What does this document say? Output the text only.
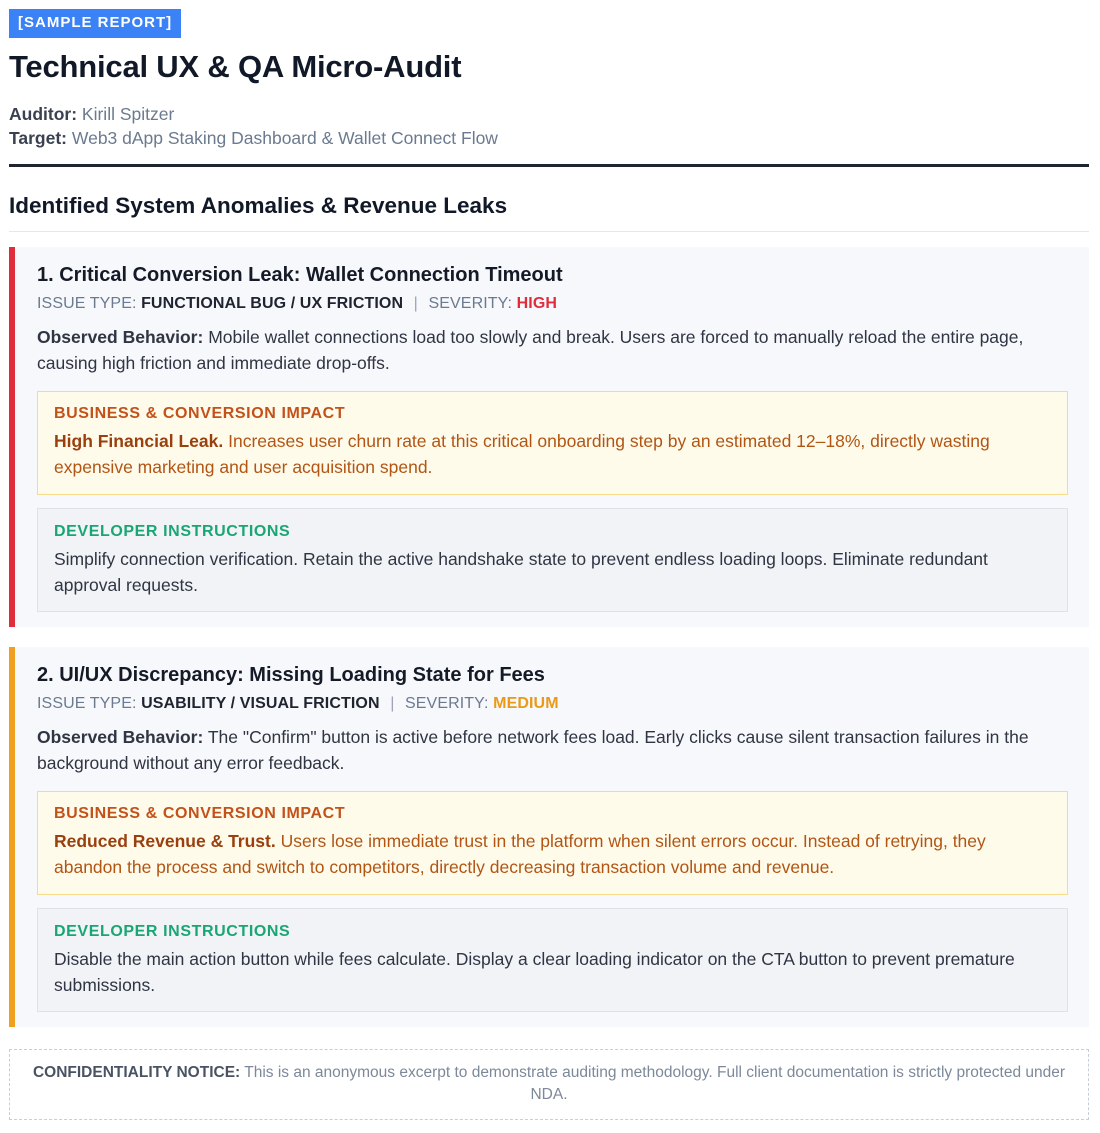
[SAMPLE REPORT]
Technical UX & QA Micro-Audit
Auditor: Kirill Spitzer
Target: Web3 dApp Staking Dashboard & Wallet Connect Flow
Identified System Anomalies & Revenue Leaks
1. Critical Conversion Leak: Wallet Connection Timeout
ISSUE TYPE: FUNCTIONAL BUG / UX FRICTION | SEVERITY: HIGH

Observed Behavior: Mobile wallet connections load too slowly and break. Users are forced to manually reload the entire page, causing high friction and immediate drop-offs.

BUSINESS & CONVERSION IMPACT

High Financial Leak. Increases user churn rate at this critical onboarding step by an estimated 12–18%, directly wasting expensive marketing and user acquisition spend.

DEVELOPER INSTRUCTIONS

Simplify connection verification. Retain the active handshake state to prevent endless loading loops. Eliminate redundant approval requests.

2. UI/UX Discrepancy: Missing Loading State for Fees
ISSUE TYPE: USABILITY / VISUAL FRICTION | SEVERITY: MEDIUM

Observed Behavior: The "Confirm" button is active before network fees load. Early clicks cause silent transaction failures in the background without any error feedback.

BUSINESS & CONVERSION IMPACT

Reduced Revenue & Trust. Users lose immediate trust in the platform when silent errors occur. Instead of retrying, they abandon the process and switch to competitors, directly decreasing transaction volume and revenue.

DEVELOPER INSTRUCTIONS

Disable the main action button while fees calculate. Display a clear loading indicator on the CTA button to prevent premature submissions.

CONFIDENTIALITY NOTICE: This is an anonymous excerpt to demonstrate auditing methodology. Full client documentation is strictly protected under NDA.
